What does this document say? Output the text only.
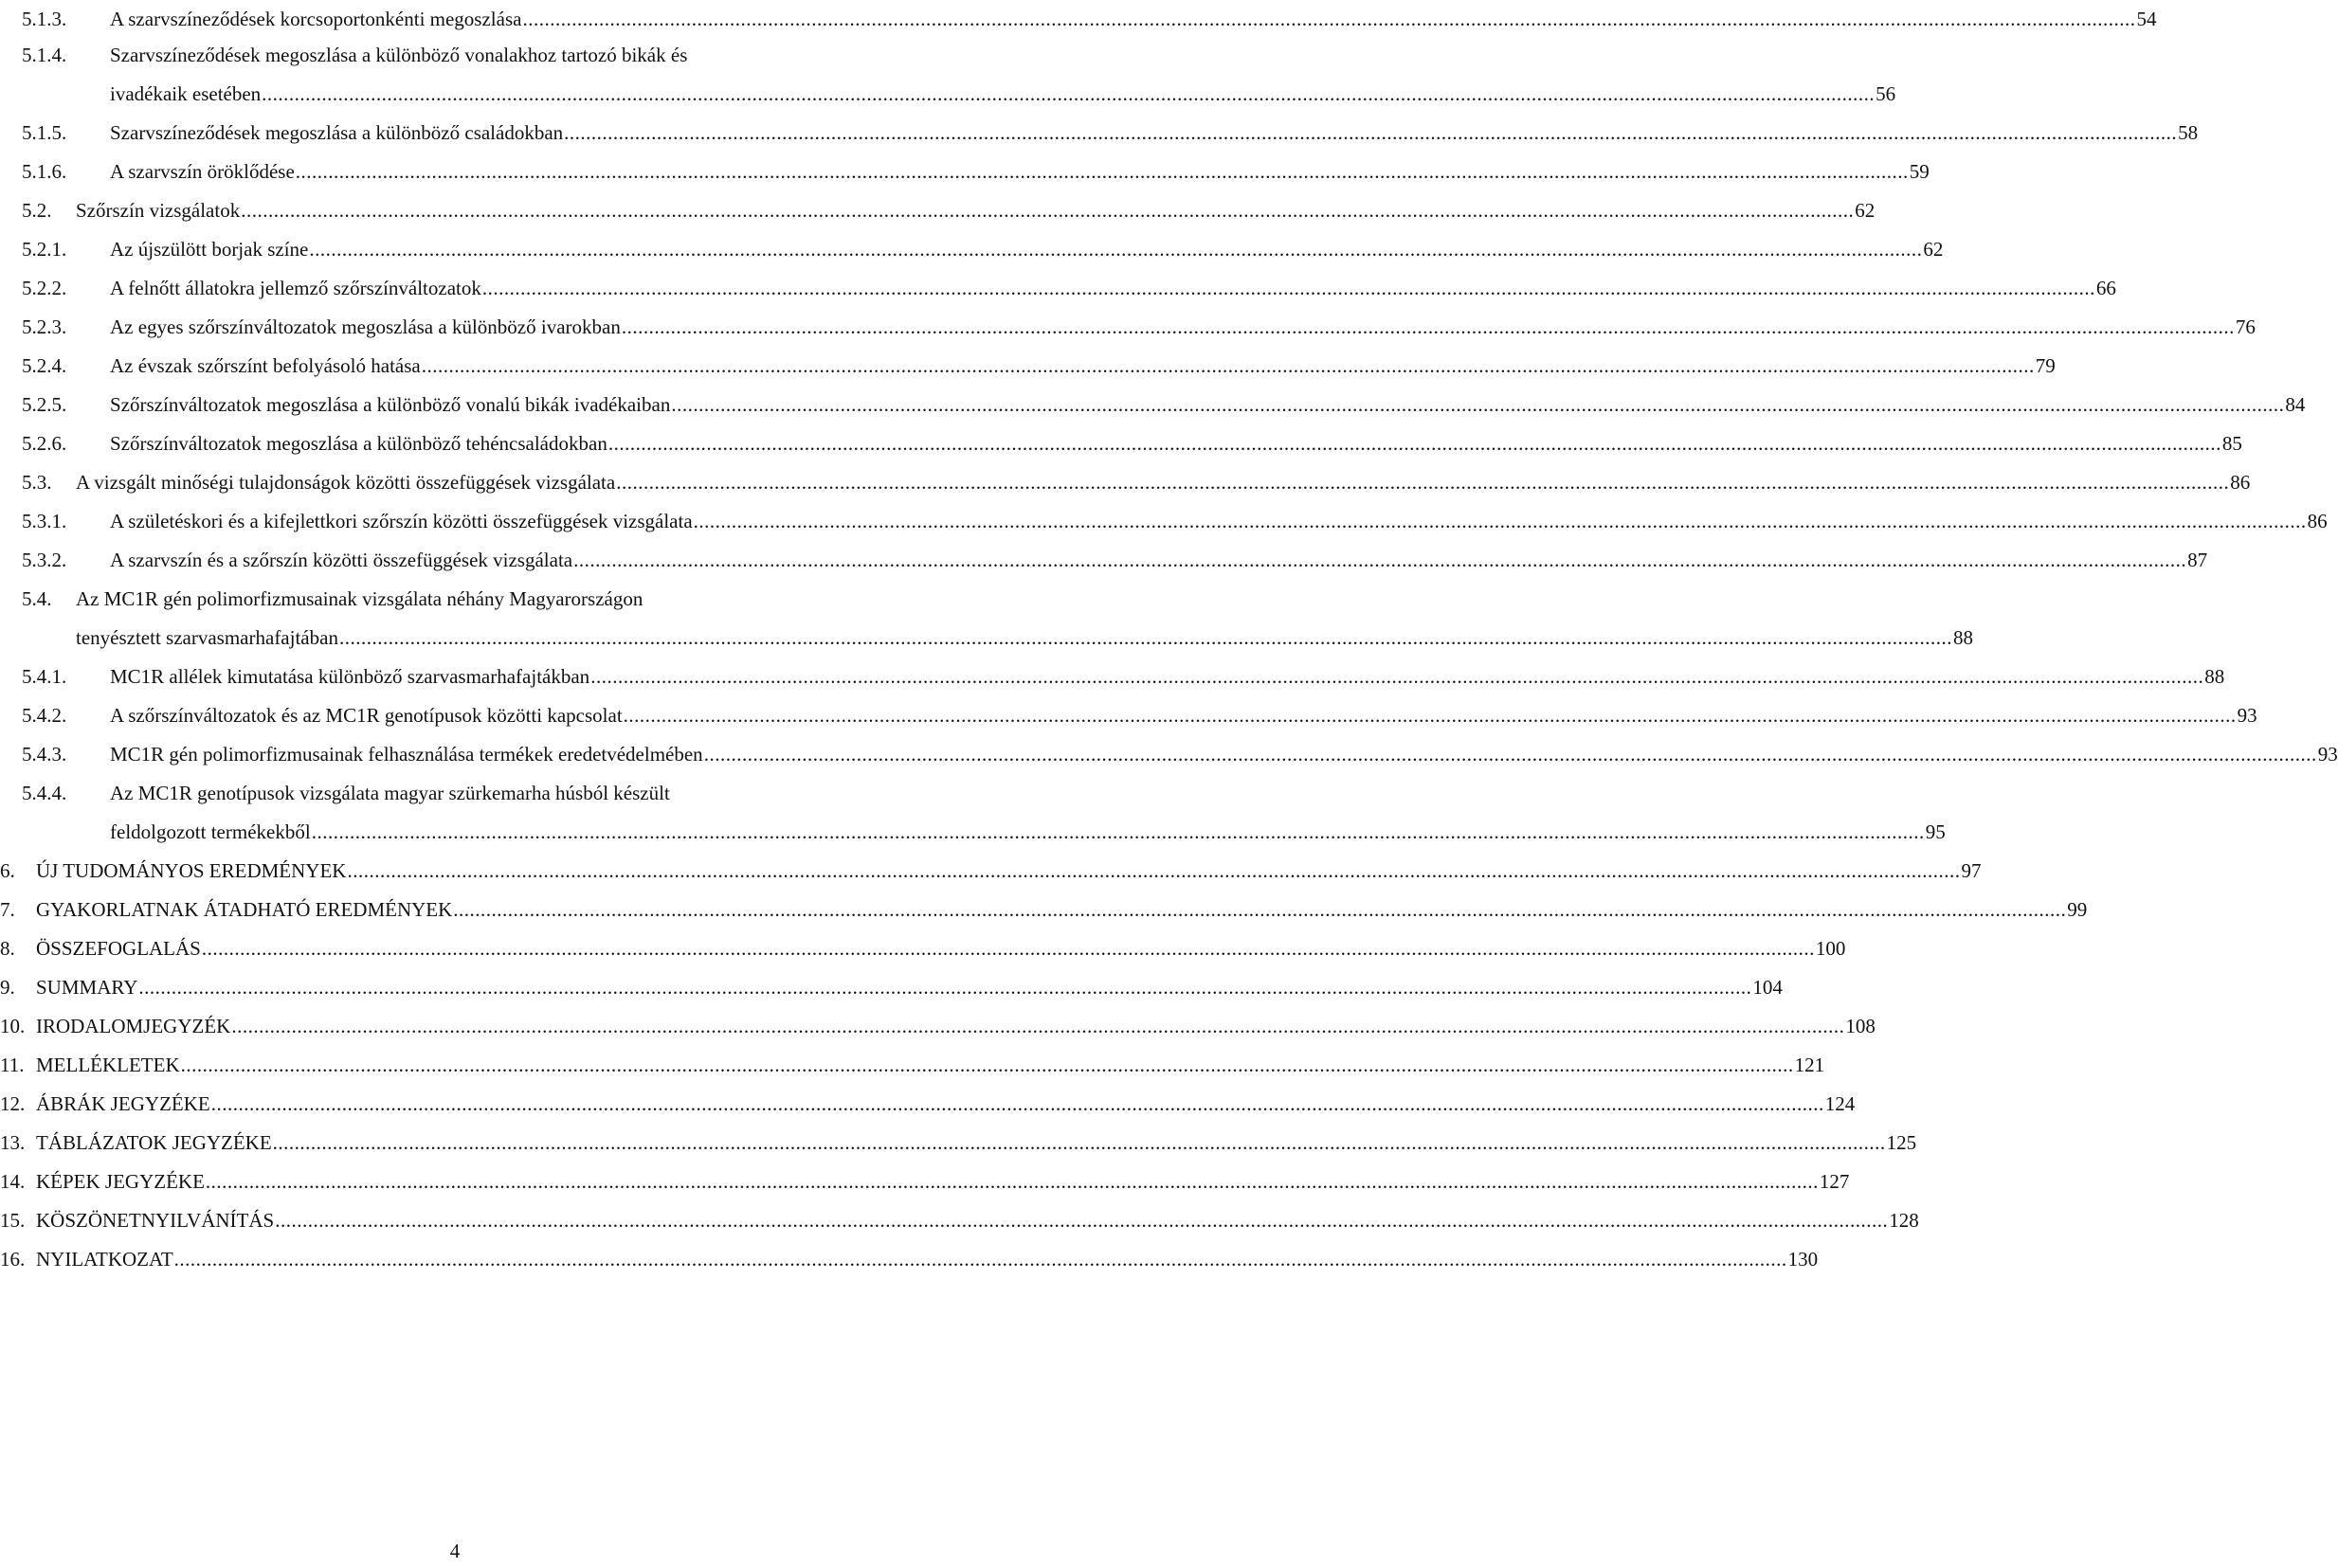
5.1.3.	A szarvszíneződések korcsoportonkénti megoszlása .....	54
5.1.4.	Szarvszíneződések megoszlása a különböző vonalakhoz tartozó bikák és
ivadékaik esetében .....	56
5.1.5.	Szarvszíneződések megoszlása a különböző családokban .....	58
5.1.6.	A szarvszín öröklődése .....	59
5.2.	Szőrszín vizsgálatok .....	62
5.2.1.	Az újszülött borjak színe .....	62
5.2.2.	A felnőtt állatokra jellemző szőrszínváltozatok .....	66
5.2.3.	Az egyes szőrszínváltozatok megoszlása a különböző ivarokban .....	76
5.2.4.	Az évszak szőrszínt befolyásoló hatása .....	79
5.2.5.	Szőrszínváltozatok megoszlása a különböző vonalú bikák ivadékaiban .....	84
5.2.6.	Szőrszínváltozatok megoszlása a különböző tehéncsaládokban .....	85
5.3.	A vizsgált minőségi tulajdonságok közötti összefüggések vizsgálata .....	86
5.3.1.	A születéskori és a kifejlettkori szőrszín közötti összefüggések vizsgálata .....	86
5.3.2.	A szarvszín és a szőrszín közötti összefüggések vizsgálata .....	87
5.4.	Az MC1R gén polimorfizmusainak vizsgálata néhány Magyarországon
tenyésztett szarvasmarhafajtában .....	88
5.4.1.	MC1R allélek kimutatása különböző szarvasmarhafajtákban .....	88
5.4.2.	A szőrszínváltozatok és az MC1R genotípusok közötti kapcsolat .....	93
5.4.3.	MC1R gén polimorfizmusainak felhasználása termékek eredetvédelmében .....	93
5.4.4.	Az MC1R genotípusok vizsgálata magyar szürkemarha húsból készült
feldolgozott termékekből .....	95
6.	ÚJ TUDOMÁNYOS EREDMÉNYEK .....	97
7.	GYAKORLATNAK ÁTADHATÓ EREDMÉNYEK .....	99
8.	ÖSSZEFOGLALÁS .....	100
9.	SUMMARY .....	104
10. IRODALOMJEGYZÉK .....	108
11. MELLÉKLETEK .....	121
12. ÁBRÁK JEGYZÉKE .....	124
13. TÁBLÁZATOK JEGYZÉKE .....	125
14. KÉPEK JEGYZÉKE .....	127
15. KÖSZÖNETNYILVÁNÍTÁS .....	128
16. NYILATKOZAT .....	130
4
